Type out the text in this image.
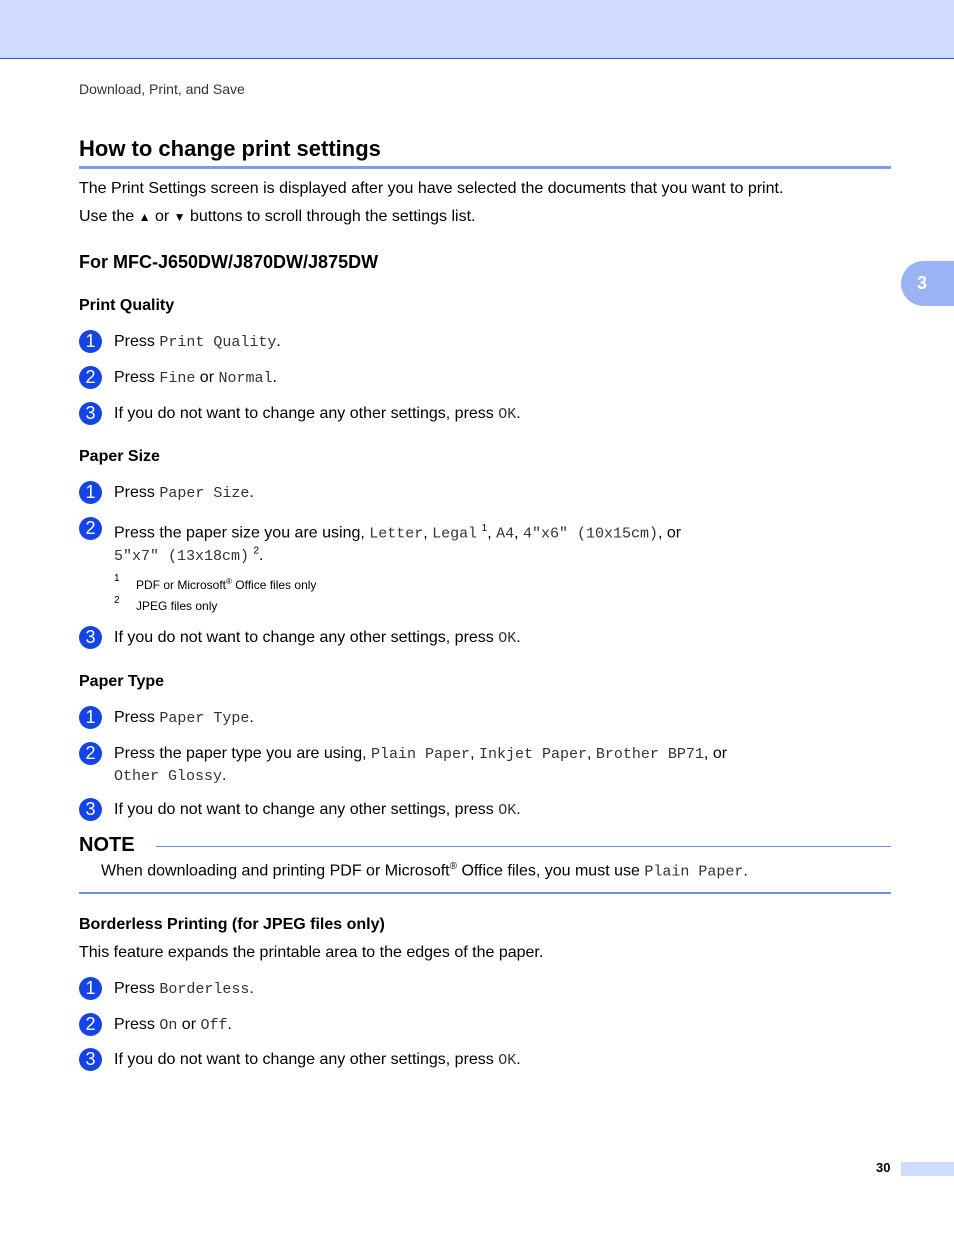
Download, Print, and Save
How to change print settings
The Print Settings screen is displayed after you have selected the documents that you want to print.
Use the ▲ or ▼ buttons to scroll through the settings list.
For MFC-J650DW/J870DW/J875DW
3
Print Quality
1	Press Print Quality.
2	Press Fine or Normal.
3	If you do not want to change any other settings, press OK.
Paper Size
1	Press Paper Size.
2	Press the paper size you are using, Letter, Legal $^1$, A4, 4"x6" (10x15cm), or
5"x7" (13x18cm) $^2$.
1 PDF or Microsoft® Office files only
2 JPEG files only
3	If you do not want to change any other settings, press OK.
Paper Type
1	Press Paper Type.
2	Press the paper type you are using, Plain Paper, Inkjet Paper, Brother BP71, or
Other Glossy.
3	If you do not want to change any other settings, press OK.
NOTE
When downloading and printing PDF or Microsoft® Office files, you must use Plain Paper.
Borderless Printing (for JPEG files only)
This feature expands the printable area to the edges of the paper.
1	Press Borderless.
2	Press On or Off.
3	If you do not want to change any other settings, press OK.
30
